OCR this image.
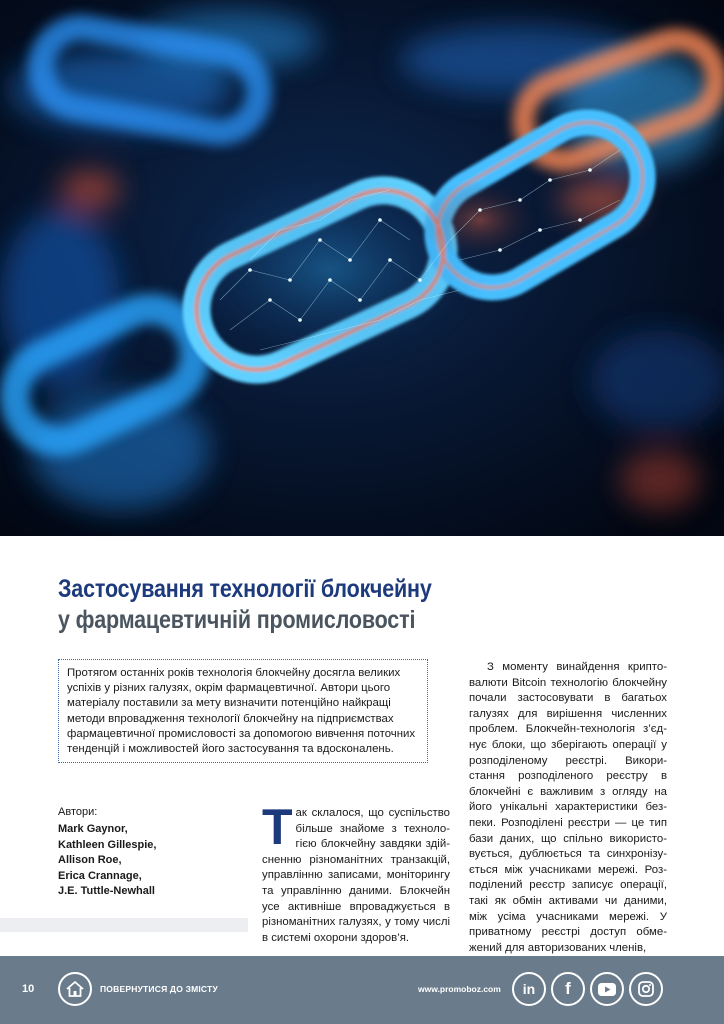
Застосування технології блокчейну
у фармацевтичній промисловості

Протягом останніх років технологія блокчейну досягла великих успіхів у різних галузях, окрім фармацевтичної. Автори цього матеріалу поставили за мету визначити потенційно найкращі методи впровадження технології блокчейну на підприємствах фармацевтичної промисловості за допомогою вивчення поточних тенденцій і можливостей його застосування та вдосконалень.

Автори:
Mark Gaynor,
Kathleen Gillespie,
Allison Roe,
Erica Crannage,
J.E. Tuttle-Newhall
Так склалося, що суспільство більше знайоме з технологією блокчейну завдяки здійсненню різноманітних транзакцій, управлінню записами, моніторингу та управлінню даними. Блокчейн усе активніше впроваджується в різноманітних галузях, у тому числі в системі охорони здоров’я.

З моменту винайдення криптовалюти Bitcoin технологію блокчейну почали застосовувати в багатьох галузях для вирішення численних проблем. Блокчейн-технологія з’єднує блоки, що зберігають операції у розподіленому реєстрі. Використання розподіленого реєстру в блокчейні є важливим з огляду на його унікальні характеристики безпеки. Розподілені реєстри — це тип бази даних, що спільно використовується, дублюється та синхронізується між учасниками мережі. Розподілений реєстр записує операції, такі як обмін активами чи даними, між усіма учасниками мережі. У приватному реєстрі доступ обмежений для авторизованих членів,

10	ПОВЕРНУТИСЯ ДО ЗМІСТУ	www.promoboz.com in f
